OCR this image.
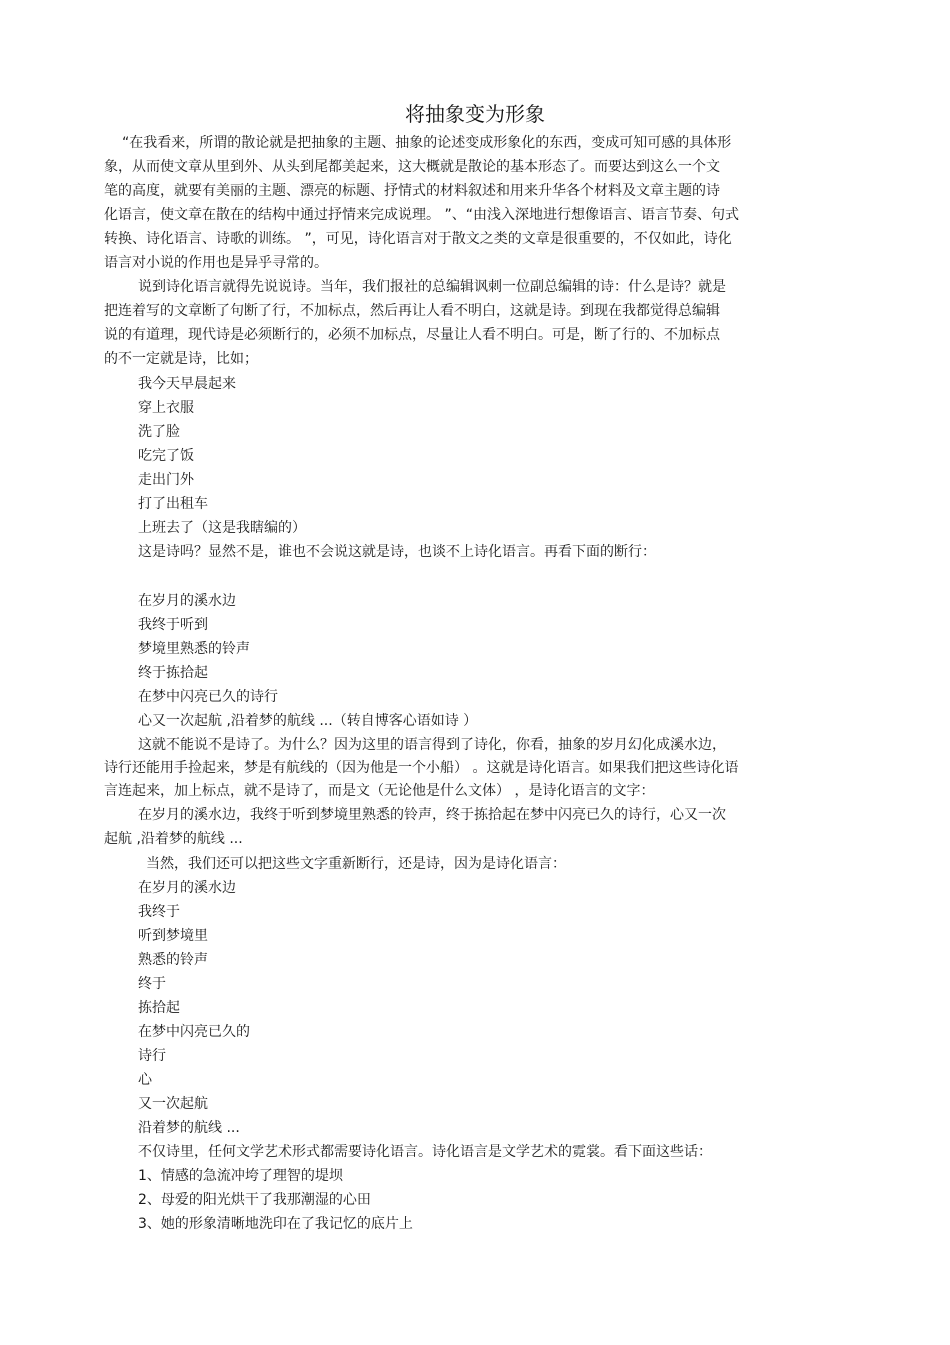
将抽象变为形象

“在我看来，所谓的散论就是把抽象的主题、抽象的论述变成形象化的东西，变成可知可感的具体形

象，从而使文章从里到外、从头到尾都美起来，这大概就是散论的基本形态了。而要达到这么一个文

笔的高度，就要有美丽的主题、漂亮的标题、抒情式的材料叙述和用来升华各个材料及文章主题的诗

化语言，使文章在散在的结构中通过抒情来完成说理。 ”、“由浅入深地进行想像语言、语言节奏、句式

转换、诗化语言、诗歌的训练。 ”，可见，诗化语言对于散文之类的文章是很重要的，不仅如此，诗化

语言对小说的作用也是异乎寻常的。

说到诗化语言就得先说说诗。当年，我们报社的总编辑讽刺一位副总编辑的诗：什么是诗？就是

把连着写的文章断了句断了行，不加标点，然后再让人看不明白，这就是诗。到现在我都觉得总编辑

说的有道理，现代诗是必须断行的，必须不加标点，尽量让人看不明白。可是，断了行的、不加标点

的不一定就是诗，比如；

我今天早晨起来

穿上衣服

洗了脸

吃完了饭

走出门外

打了出租车

上班去了（这是我瞎编的）

这是诗吗？显然不是，谁也不会说这就是诗，也谈不上诗化语言。再看下面的断行：

在岁月的溪水边

我终于听到

梦境里熟悉的铃声

终于拣拾起

在梦中闪亮已久的诗行

心又一次起航 ,沿着梦的航线 ...（转自博客心语如诗 ）

这就不能说不是诗了。为什么？因为这里的语言得到了诗化，你看，抽象的岁月幻化成溪水边，

诗行还能用手捡起来，梦是有航线的（因为他是一个小船） 。这就是诗化语言。如果我们把这些诗化语

言连起来，加上标点，就不是诗了，而是文（无论他是什么文体） ，是诗化语言的文字：

在岁月的溪水边，我终于听到梦境里熟悉的铃声，终于拣拾起在梦中闪亮已久的诗行，心又一次

起航 ,沿着梦的航线 ...

当然，我们还可以把这些文字重新断行，还是诗，因为是诗化语言：

在岁月的溪水边

我终于

听到梦境里

熟悉的铃声

终于

拣拾起

在梦中闪亮已久的

诗行

心

又一次起航

沿着梦的航线 ...

不仅诗里，任何文学艺术形式都需要诗化语言。诗化语言是文学艺术的霓裳。看下面这些话：

1、情感的急流冲垮了理智的堤坝

2、母爱的阳光烘干了我那潮湿的心田

3、她的形象清晰地洗印在了我记忆的底片上
